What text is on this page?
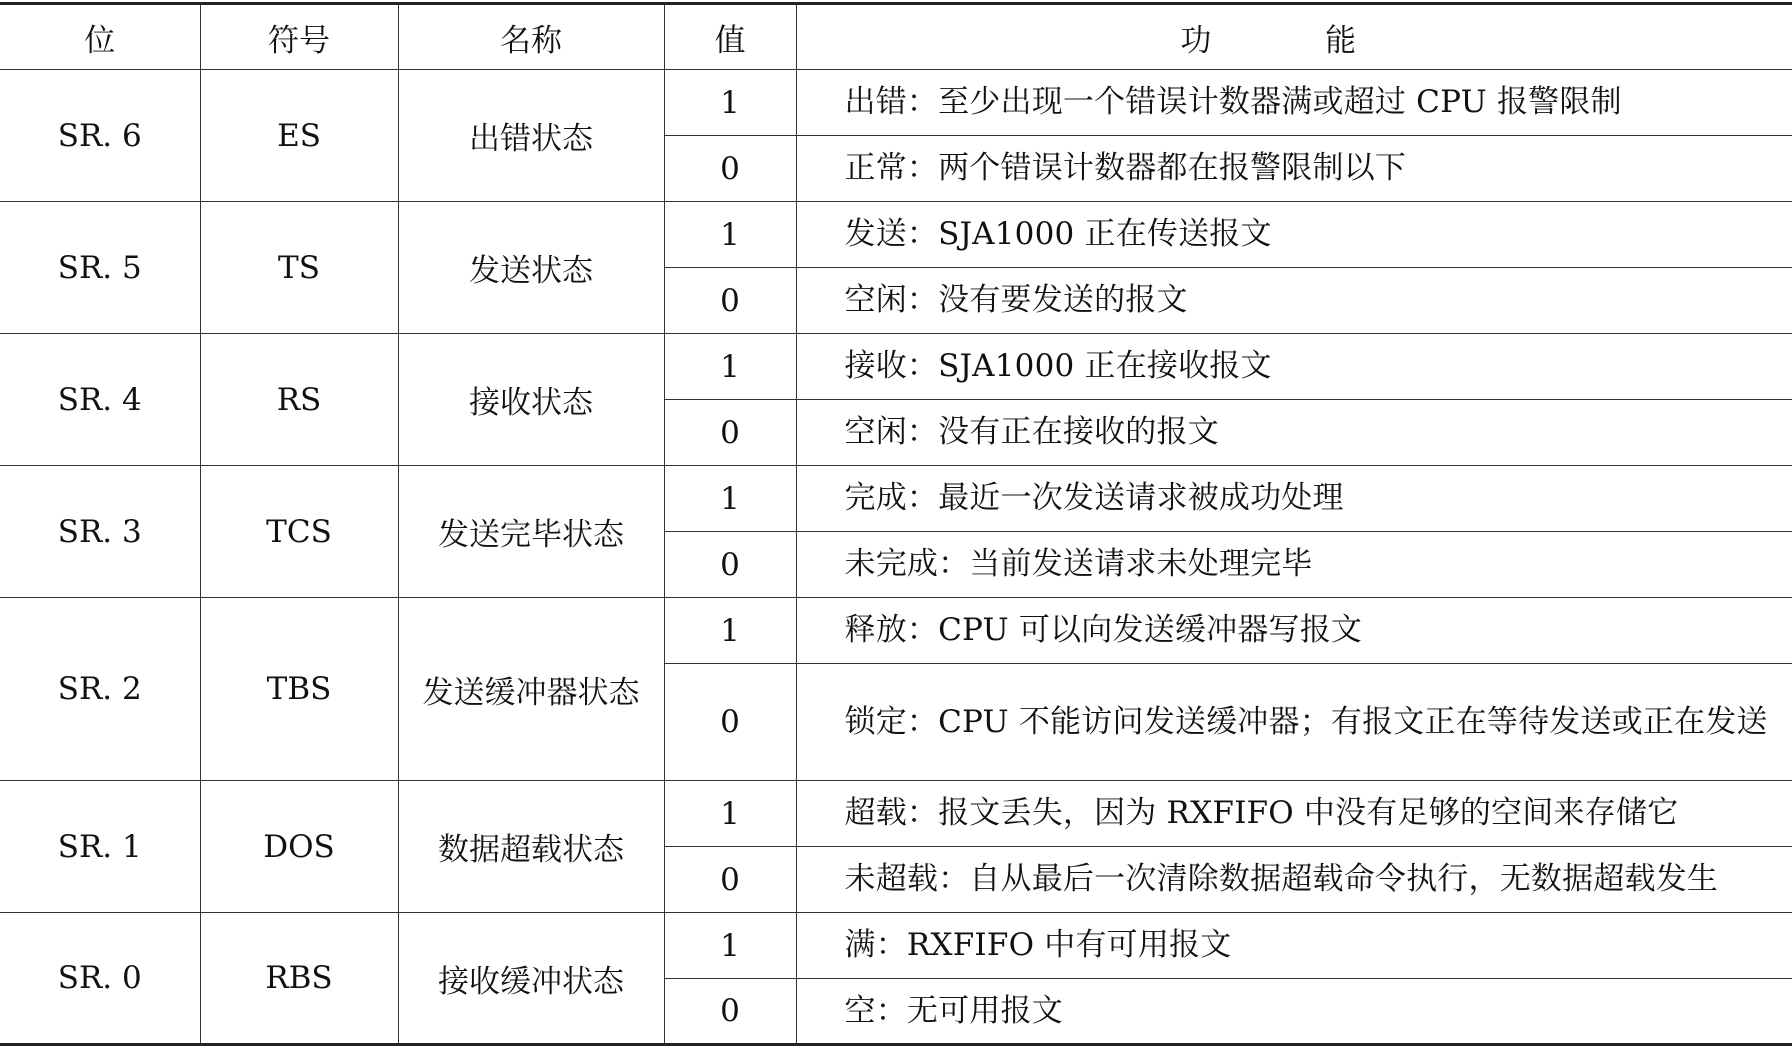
位	符号	名称	值	功 能
SR. 6	ES	出错状态	1	出错：至少出现一个错误计数器满或超过 CPU 报警限制
			0	正常：两个错误计数器都在报警限制以下
SR. 5	TS	发送状态	1	发送：SJA1000 正在传送报文
			0	空闲：没有要发送的报文
SR. 4	RS	接收状态	1	接收：SJA1000 正在接收报文
			0	空闲：没有正在接收的报文
SR. 3	TCS	发送完毕状态	1	完成：最近一次发送请求被成功处理
			0	未完成：当前发送请求未处理完毕
SR. 2	TBS	发送缓冲器状态	1	释放：CPU 可以向发送缓冲器写报文
			0	锁定：CPU 不能访问发送缓冲器；有报文正在等待发送或正在发送
SR. 1	DOS	数据超载状态	1	超载：报文丢失，因为 RXFIFO 中没有足够的空间来存储它
			0	未超载：自从最后一次清除数据超载命令执行，无数据超载发生
SR. 0	RBS	接收缓冲状态	1	满：RXFIFO 中有可用报文
			0	空：无可用报文
